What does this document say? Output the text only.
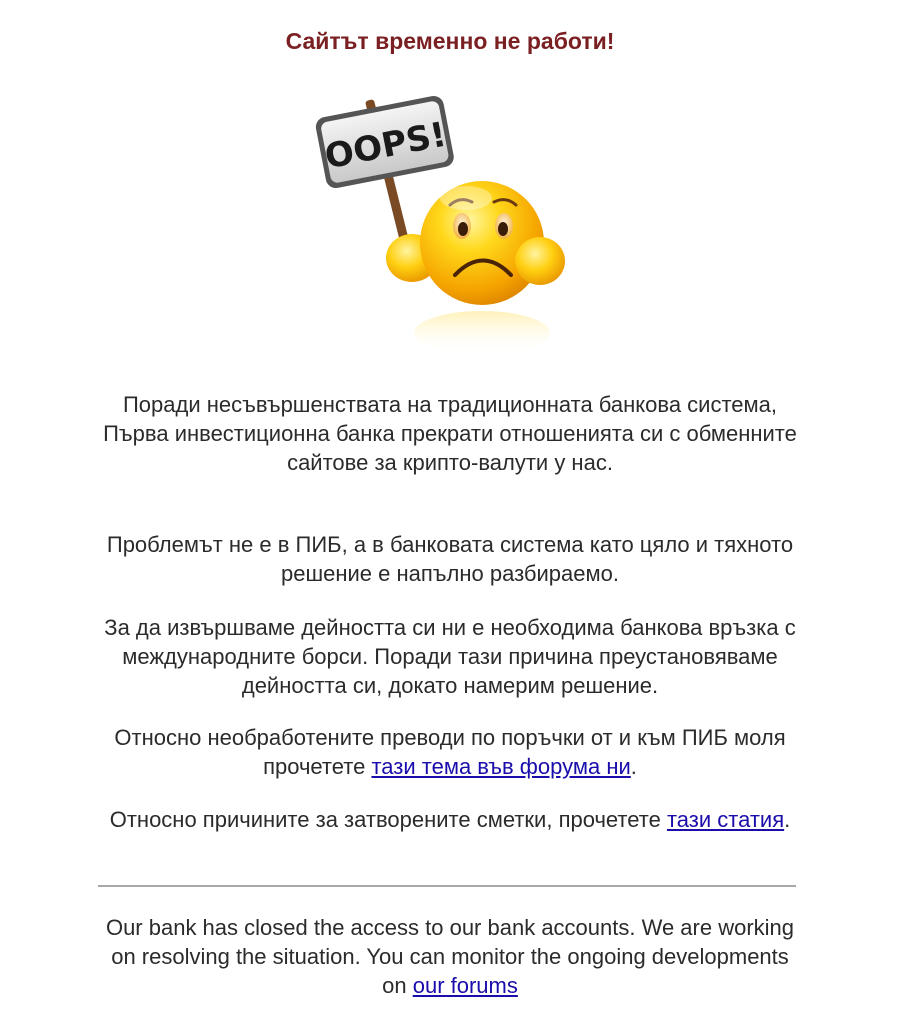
Сайтът временно не работи!
OOPS!

Поради несъвършенствата на традиционната банкова система, Първа инвестиционна банка прекрати отношенията си с обменните сайтове за крипто-валути у нас.

Проблемът не е в ПИБ, а в банковата система като цяло и тяхното решение е напълно разбираемо.

За да извършваме дейността си ни е необходима банкова връзка с международните борси. Поради тази причина преустановяваме дейността си, докато намерим решение.

Относно необработените преводи по поръчки от и към ПИБ моля прочетете тази тема във форума ни.

Относно причините за затворените сметки, прочетете тази статия.

Our bank has closed the access to our bank accounts. We are working on resolving the situation. You can monitor the ongoing developments on our forums
